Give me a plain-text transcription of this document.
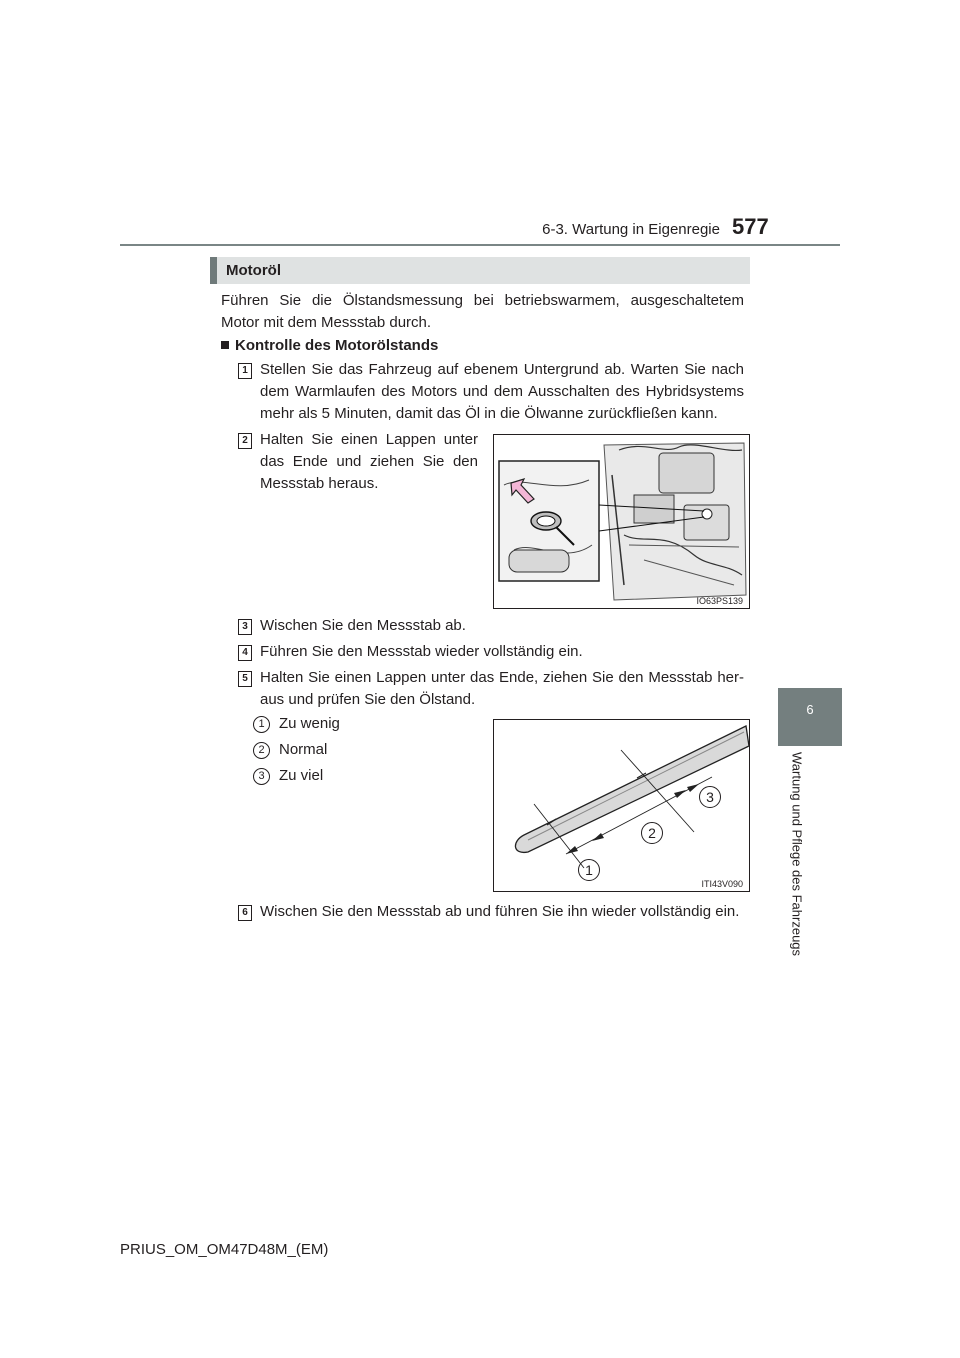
6-3. Wartung in Eigenregie 577
6
Wartung und Pflege des Fahrzeugs
Motoröl
Führen Sie die Ölstandsmessung bei betriebswarmem, ausgeschaltetem Motor mit dem Messstab durch.
Kontrolle des Motorölstands
1 Stellen Sie das Fahrzeug auf ebenem Untergrund ab. Warten Sie nach dem Warmlaufen des Motors und dem Ausschalten des Hybridsystems mehr als 5 Minuten, damit das Öl in die Ölwanne zurückfließen kann.
2 Halten Sie einen Lappen unter das Ende und ziehen Sie den Messstab heraus.
IO63PS139
3 Wischen Sie den Messstab ab.
4 Führen Sie den Messstab wieder vollständig ein.
5 Halten Sie einen Lappen unter das Ende, ziehen Sie den Messstab her-aus und prüfen Sie den Ölstand.
1 Zu wenig
2 Normal
3 Zu viel
1
2
3
ITI43V090
6 Wischen Sie den Messstab ab und führen Sie ihn wieder vollständig ein.
PRIUS_OM_OM47D48M_(EM)
